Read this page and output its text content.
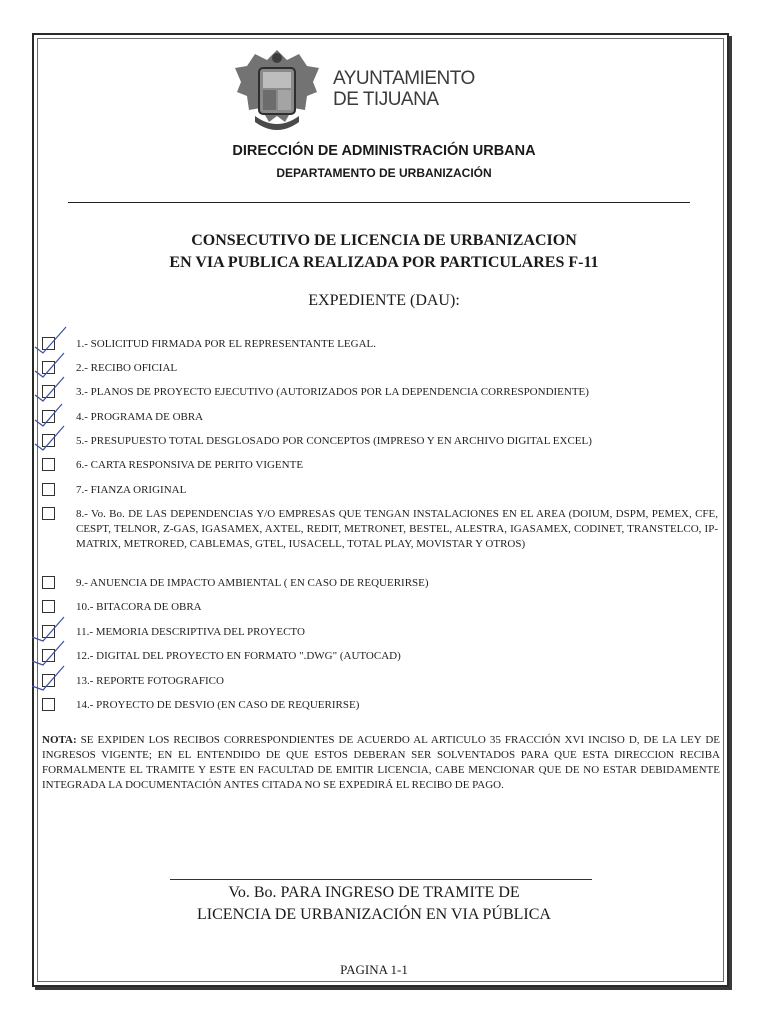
AYUNTAMIENTO
DE TIJUANA
DIRECCIÓN DE ADMINISTRACIÓN URBANA
DEPARTAMENTO DE URBANIZACIÓN
CONSECUTIVO DE LICENCIA DE URBANIZACION
EN VIA PUBLICA REALIZADA POR PARTICULARES F-11
EXPEDIENTE (DAU):
1.- SOLICITUD FIRMADA POR EL REPRESENTANTE LEGAL.
2.- RECIBO OFICIAL
3.- PLANOS DE PROYECTO EJECUTIVO (AUTORIZADOS POR LA DEPENDENCIA CORRESPONDIENTE)
4.- PROGRAMA DE OBRA
5.- PRESUPUESTO TOTAL DESGLOSADO POR CONCEPTOS (IMPRESO Y EN ARCHIVO DIGITAL EXCEL)
6.- CARTA RESPONSIVA DE PERITO VIGENTE
7.- FIANZA ORIGINAL
8.- Vo. Bo. DE LAS DEPENDENCIAS Y/O EMPRESAS QUE TENGAN INSTALACIONES EN EL AREA (DOIUM, DSPM, PEMEX, CFE, CESPT, TELNOR, Z-GAS, IGASAMEX, AXTEL, REDIT, METRONET, BESTEL, ALESTRA, IGASAMEX, CODINET, TRANSTELCO, IP-MATRIX, METRORED, CABLEMAS, GTEL, IUSACELL, TOTAL PLAY, MOVISTAR Y OTROS)
9.- ANUENCIA DE IMPACTO AMBIENTAL ( EN CASO DE REQUERIRSE)
10.- BITACORA DE OBRA
11.- MEMORIA DESCRIPTIVA DEL PROYECTO
12.- DIGITAL DEL PROYECTO EN FORMATO ".DWG" (AUTOCAD)
13.- REPORTE FOTOGRAFICO
14.- PROYECTO DE DESVIO (EN CASO DE REQUERIRSE)
NOTA: SE EXPIDEN LOS RECIBOS CORRESPONDIENTES DE ACUERDO AL ARTICULO 35 FRACCIÓN XVI INCISO D, DE LA LEY DE INGRESOS VIGENTE; EN EL ENTENDIDO DE QUE ESTOS DEBERAN SER SOLVENTADOS PARA QUE ESTA DIRECCION RECIBA FORMALMENTE EL TRAMITE Y ESTE EN FACULTAD DE EMITIR LICENCIA, CABE MENCIONAR QUE DE NO ESTAR DEBIDAMENTE INTEGRADA LA DOCUMENTACIÓN ANTES CITADA NO SE EXPEDIRÁ EL RECIBO DE PAGO.
Vo. Bo. PARA INGRESO DE TRAMITE DE
LICENCIA DE URBANIZACIÓN EN VIA PÚBLICA
PAGINA 1-1
